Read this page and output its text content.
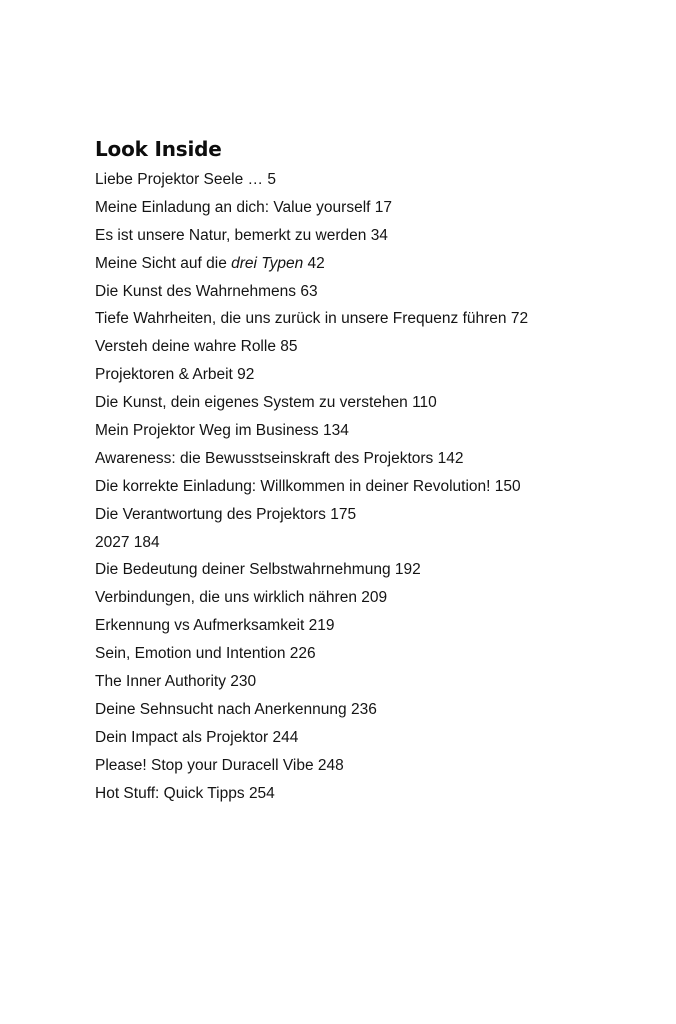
Look Inside
Liebe Projektor Seele … 5
Meine Einladung an dich: Value yourself 17
Es ist unsere Natur, bemerkt zu werden 34
Meine Sicht auf die drei Typen 42
Die Kunst des Wahrnehmens 63
Tiefe Wahrheiten, die uns zurück in unsere Frequenz führen 72
Versteh deine wahre Rolle 85
Projektoren & Arbeit 92
Die Kunst, dein eigenes System zu verstehen 110
Mein Projektor Weg im Business 134
Awareness: die Bewusstseinskraft des Projektors 142
Die korrekte Einladung: Willkommen in deiner Revolution! 150
Die Verantwortung des Projektors 175
2027 184
Die Bedeutung deiner Selbstwahrnehmung 192
Verbindungen, die uns wirklich nähren 209
Erkennung vs Aufmerksamkeit 219
Sein, Emotion und Intention 226
The Inner Authority 230
Deine Sehnsucht nach Anerkennung 236
Dein Impact als Projektor 244
Please! Stop your Duracell Vibe 248
Hot Stuff: Quick Tipps 254
